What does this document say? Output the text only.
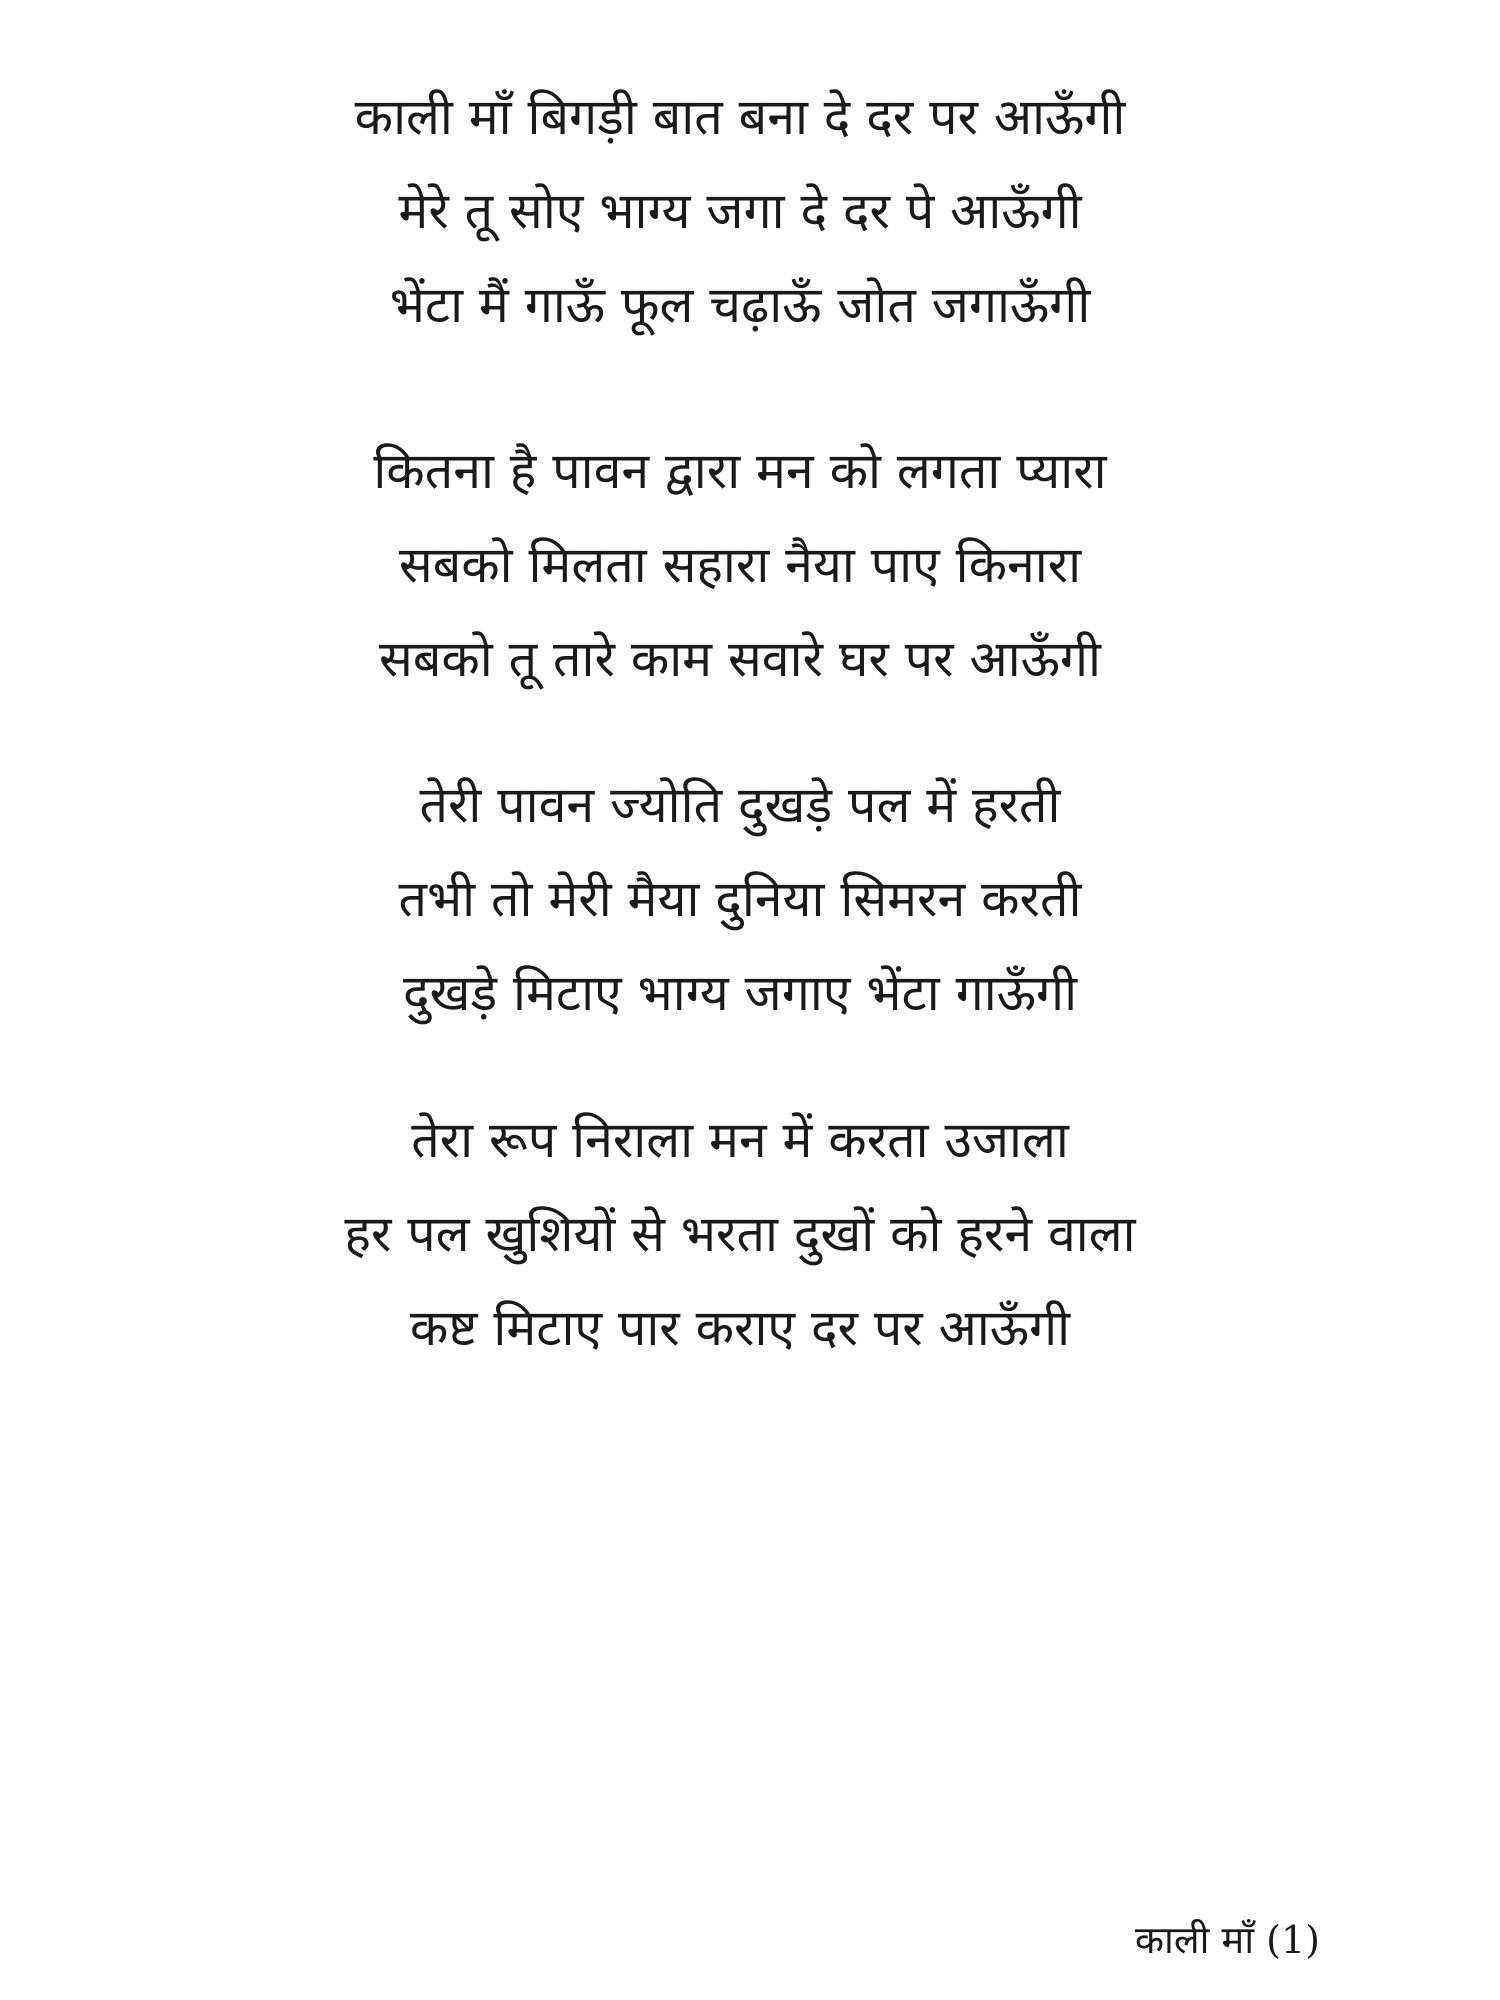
काली माँ बिगड़ी बात बना दे दर पर आऊँगी
मेरे तू सोए भाग्य जगा दे दर पे आऊँगी
भेंटा मैं गाऊँ फूल चढ़ाऊँ जोत जगाऊँगी
कितना है पावन द्वारा मन को लगता प्यारा
सबको मिलता सहारा नैया पाए किनारा
सबको तू तारे काम सवारे घर पर आऊँगी
तेरी पावन ज्योति दुखड़े पल में हरती
तभी तो मेरी मैया दुनिया सिमरन करती
दुखड़े मिटाए भाग्य जगाए भेंटा गाऊँगी
तेरा रूप निराला मन में करता उजाला
हर पल खुशियों से भरता दुखों को हरने वाला
कष्ट मिटाए पार कराए दर पर आऊँगी
काली माँ (1)
